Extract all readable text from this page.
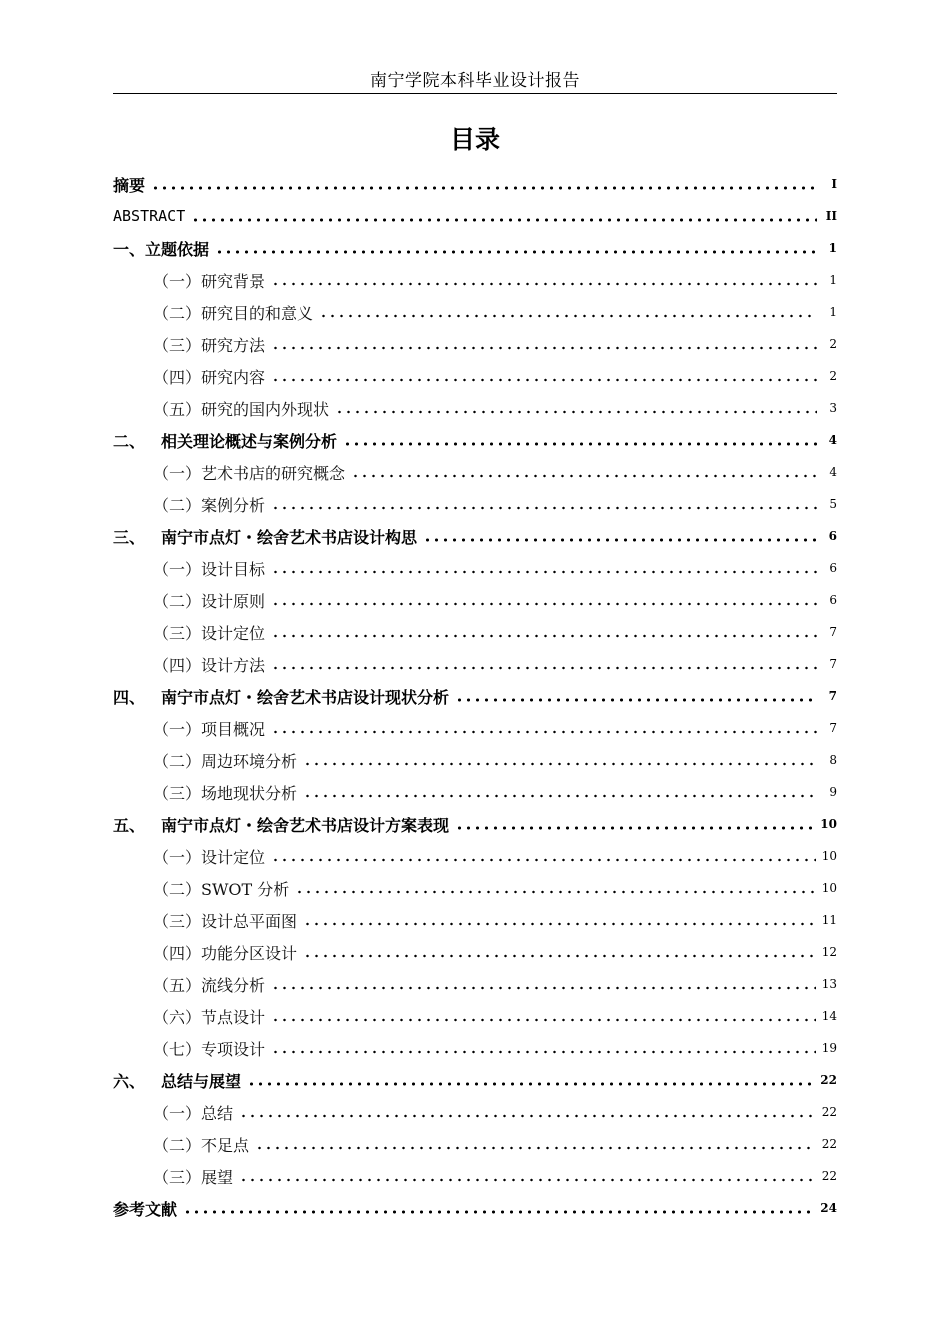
南宁学院本科毕业设计报告
目录
摘要	I
ABSTRACT	II
一、立题依据	1
（一）研究背景	1
（二）研究目的和意义	1
（三）研究方法	2
（四）研究内容	2
（五）研究的国内外现状	3
二、 相关理论概述与案例分析	4
（一）艺术书店的研究概念	4
（二）案例分析	5
三、 南宁市点灯・绘舍艺术书店设计构思	6
（一）设计目标	6
（二）设计原则	6
（三）设计定位	7
（四）设计方法	7
四、 南宁市点灯・绘舍艺术书店设计现状分析	7
（一）项目概况	7
（二）周边环境分析	8
（三）场地现状分析	9
五、 南宁市点灯・绘舍艺术书店设计方案表现	10
（一）设计定位	10
（二）SWOT 分析	10
（三）设计总平面图	11
（四）功能分区设计	12
（五）流线分析	13
（六）节点设计	14
（七）专项设计	19
六、 总结与展望	22
（一）总结	22
（二）不足点	22
（三）展望	22
参考文献	24
